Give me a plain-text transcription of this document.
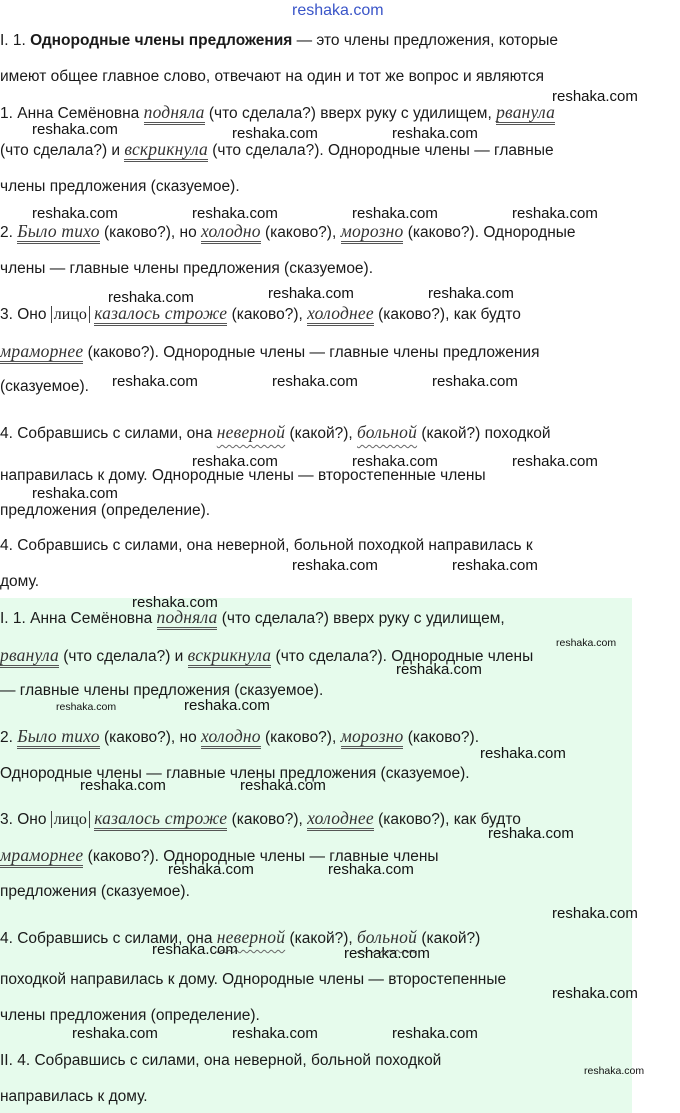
I. 1. Однородные члены предложения — это члены предложения, которые
имеют общее главное слово, отвечают на один и тот же вопрос и являются
1. Анна Семёновна подняла (что сделала?) вверх руку с удилищем, рванула
(что сделала?) и вскрикнула (что сделала?). Однородные члены — главные
члены предложения (сказуемое).
2. Было тихо (каково?), но холодно (каково?), морозно (каково?). Однородные
члены — главные члены предложения (сказуемое).
3. Оно лицо казалось строже (каково?), холоднее (каково?), как будто
мраморнее (каково?). Однородные члены — главные члены предложения
(сказуемое).
4. Собравшись с силами, она неверной (какой?), больной (какой?) походкой
направилась к дому. Однородные члены — второстепенные члены
предложения (определение).
4. Собравшись с силами, она неверной, больной походкой направилась к
дому.
I. 1. Анна Семёновна подняла (что сделала?) вверх руку с удилищем,
рванула (что сделала?) и вскрикнула (что сделала?). Однородные члены
— главные члены предложения (сказуемое).
2. Было тихо (каково?), но холодно (каково?), морозно (каково?).
Однородные члены — главные члены предложения (сказуемое).
3. Оно лицо казалось строже (каково?), холоднее (каково?), как будто
мраморнее (каково?). Однородные члены — главные члены
предложения (сказуемое).
4. Собравшись с силами, она неверной (какой?), больной (какой?)
походкой направилась к дому. Однородные члены — второстепенные
члены предложения (определение).
II. 4. Собравшись с силами, она неверной, больной походкой
направилась к дому.
reshaka.com
reshaka.com
reshaka.com	reshaka.com	reshaka.com
reshaka.com	reshaka.com	reshaka.com	reshaka.com
reshaka.com	reshaka.com	reshaka.com
reshaka.com	reshaka.com	reshaka.com
reshaka.com	reshaka.com	reshaka.com
reshaka.com
reshaka.com	reshaka.com
reshaka.com
reshaka.com
reshaka.com
reshaka.com	reshaka.com
reshaka.com
reshaka.com	reshaka.com
reshaka.com
reshaka.com	reshaka.com
reshaka.com
reshaka.com	reshaka.com
reshaka.com
reshaka.com	reshaka.com	reshaka.com
reshaka.com
